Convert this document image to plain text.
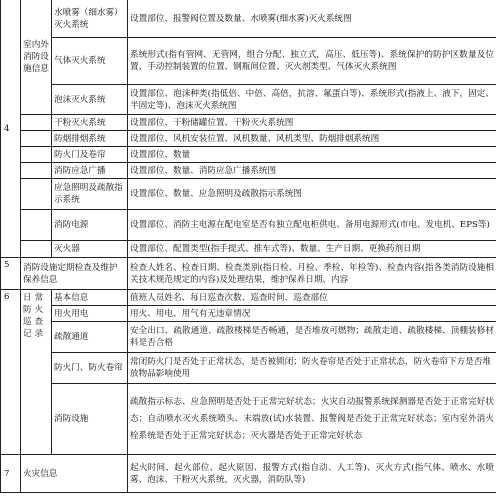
4	室内外消防设施信息	水喷雾（细水雾）灭火系统	设置部位、报警阀位置及数量、水喷雾(细水雾)灭火系统图
		气体灭火系统	系统形式(指有管网、无管网，组合分配、独立式，高压、低压等)、系统保护的防护区数量及位置、手动控制装置的位置、钢瓶间位置、灭火剂类型、气体灭火系统图
		泡沫灭火系统	设置部位、泡沫种类(指低倍、中倍、高倍，抗溶、氟蛋白等)、系统形式(指液上、液下，固定、半固定等)、泡沫灭火系统图
		干粉灭火系统	设置部位、干粉储罐位置、干粉灭火系统图
		防烟排烟系统	设置部位、风机安装位置、风机数量、风机类型、防烟排烟系统图
		防火门及卷帘	设置部位、数量
		消防应急广播	设置部位、数量、消防应急广播系统图
		应急照明及疏散指示系统	设置部位、数量、应急照明及疏散指示系统图
		消防电源	设置部位、消防主电源在配电室是否有独立配电柜供电、备用电源形式(市电、发电机、EPS等)
		灭火器	设置部位、配置类型(指手提式、推车式等)、数量、生产日期、更换药剂日期
5	消防设施定期检查及维护保养信息		检查人姓名、检查日期、检查类别(指日检、月检、季检、年检等)、检查内容(指各类消防设施相关技术规范规定的内容)及处理结果，维护保养日期、内容
6	日常防火巡查记录	基本信息	值班人员姓名、每日巡查次数、巡查时间、巡查部位
		用火用电	用火、用电、用气有无违章情况
		疏散通道	安全出口、疏散通道、疏散楼梯是否畅通，是否堆放可燃物；疏散走道、疏散楼梯、顶棚装修材料是否合格
		防火门、防火卷帘	常闭防火门是否处于正常状态，是否被锁闭；防火卷帘是否处于正常状态，防火卷帘下方是否堆放物品影响使用
		消防设施	疏散指示标志、应急照明是否处于正常完好状态；火灾自动报警系统探测器是否处于正常完好状态；自动喷水灭火系统喷头、末端放(试)水装置、报警阀是否处于正常完好状态；室内室外消火栓系统是否处于正常完好状态；灭火器是否处于正常完好状态
7	火灾信息		起火时间、起火部位、起火原因、报警方式(指自动、人工等)、灭火方式(指气体、喷水、水喷雾、泡沫、干粉灭火系统，灭火器，消防队等)
